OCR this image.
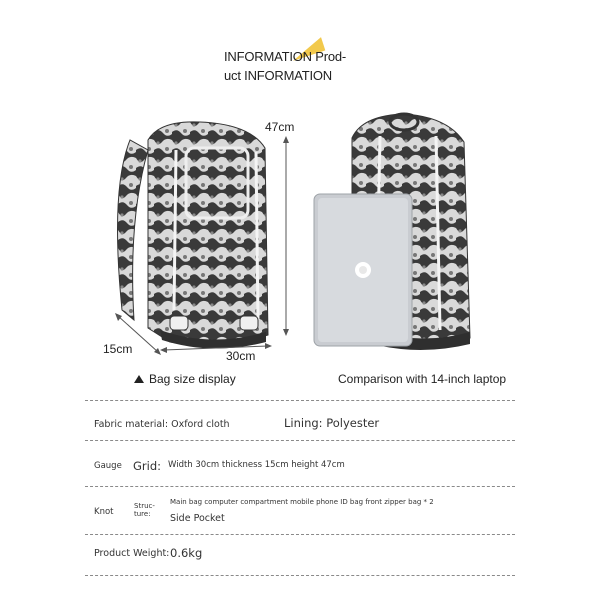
INFORMATION Prod-
uct INFORMATION
47cm
30cm
15cm
Bag size display	Comparison with 14-inch laptop
Fabric material: Oxford cloth	Lining: Polyester
Gauge Grid: Width 30cm thickness 15cm height 47cm
Knot
Struc-
ture:
Main bag computer compartment mobile phone ID bag front zipper bag * 2
Side Pocket
Product Weight: 0.6kg
